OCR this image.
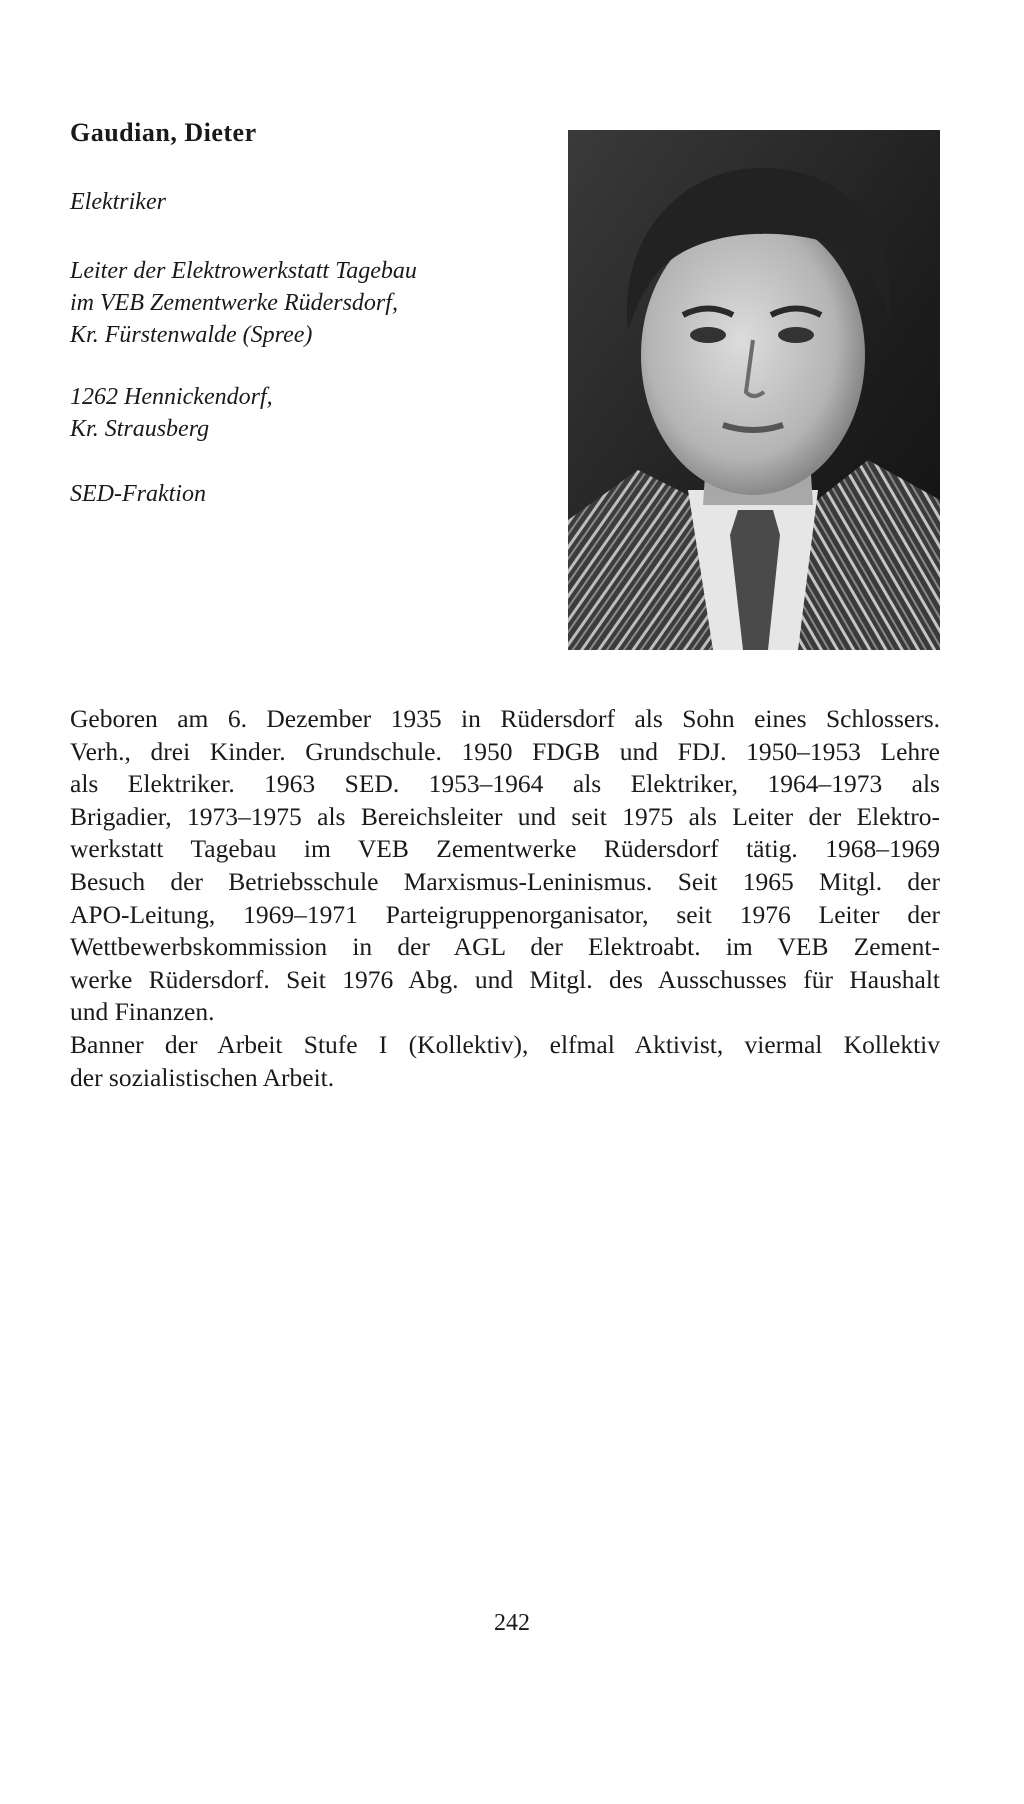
Gaudian, Dieter
Elektriker
Leiter der Elektrowerkstatt Tagebau
im VEB Zementwerke Rüdersdorf,
Kr. Fürstenwalde (Spree)
1262 Hennickendorf,
Kr. Strausberg
SED-Fraktion
Geboren am 6. Dezember 1935 in Rüdersdorf als Sohn eines Schlossers.
Verh., drei Kinder. Grundschule. 1950 FDGB und FDJ. 1950–1953 Lehre
als Elektriker. 1963 SED. 1953–1964 als Elektriker, 1964–1973 als
Brigadier, 1973–1975 als Bereichsleiter und seit 1975 als Leiter der Elektro-
werkstatt Tagebau im VEB Zementwerke Rüdersdorf tätig. 1968–1969
Besuch der Betriebsschule Marxismus-Leninismus. Seit 1965 Mitgl. der
APO-Leitung, 1969–1971 Parteigruppenorganisator, seit 1976 Leiter der
Wettbewerbskommission in der AGL der Elektroabt. im VEB Zement-
werke Rüdersdorf. Seit 1976 Abg. und Mitgl. des Ausschusses für Haushalt
und Finanzen.
Banner der Arbeit Stufe I (Kollektiv), elfmal Aktivist, viermal Kollektiv
der sozialistischen Arbeit.
242
